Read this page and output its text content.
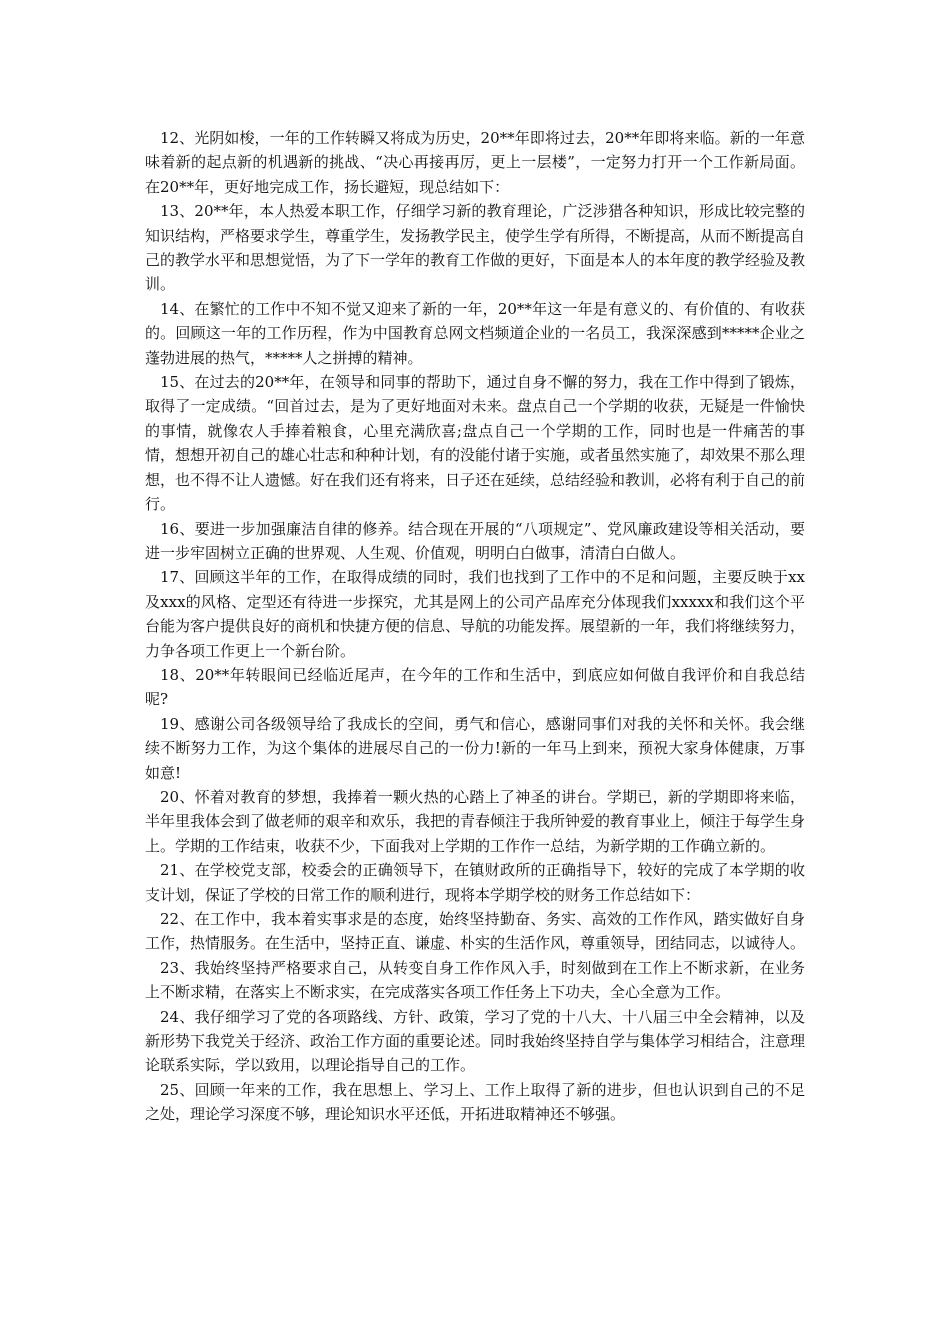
12、光阴如梭，一年的工作转瞬又将成为历史，20**年即将过去，20**年即将来临。新的一年意味着新的起点新的机遇新的挑战、“决心再接再厉，更上一层楼”，一定努力打开一个工作新局面。在20**年，更好地完成工作，扬长避短，现总结如下：

13、20**年，本人热爱本职工作，仔细学习新的教育理论，广泛涉猎各种知识，形成比较完整的知识结构，严格要求学生，尊重学生，发扬教学民主，使学生学有所得，不断提高，从而不断提高自己的教学水平和思想觉悟，为了下一学年的教育工作做的更好，下面是本人的本年度的教学经验及教训。

14、在繁忙的工作中不知不觉又迎来了新的一年，20**年这一年是有意义的、有价值的、有收获的。回顾这一年的工作历程，作为中国教育总网文档频道企业的一名员工，我深深感到*****企业之蓬勃进展的热气，*****人之拼搏的精神。

15、在过去的20**年，在领导和同事的帮助下，通过自身不懈的努力，我在工作中得到了锻炼，取得了一定成绩。“回首过去，是为了更好地面对未来。盘点自己一个学期的收获，无疑是一件愉快的事情，就像农人手捧着粮食，心里充满欣喜;盘点自己一个学期的工作，同时也是一件痛苦的事情，想想开初自己的雄心壮志和种种计划，有的没能付诸于实施，或者虽然实施了，却效果不那么理想，也不得不让人遗憾。好在我们还有将来，日子还在延续，总结经验和教训，必将有利于自己的前行。

16、要进一步加强廉洁自律的修养。结合现在开展的“八项规定”、党风廉政建设等相关活动，要进一步牢固树立正确的世界观、人生观、价值观，明明白白做事，清清白白做人。

17、回顾这半年的工作，在取得成绩的同时，我们也找到了工作中的不足和问题，主要反映于xx及xxx的风格、定型还有待进一步探究，尤其是网上的公司产品库充分体现我们xxxxx和我们这个平台能为客户提供良好的商机和快捷方便的信息、导航的功能发挥。展望新的一年，我们将继续努力，力争各项工作更上一个新台阶。

18、20**年转眼间已经临近尾声，在今年的工作和生活中，到底应如何做自我评价和自我总结呢?

19、感谢公司各级领导给了我成长的空间，勇气和信心，感谢同事们对我的关怀和关怀。我会继续不断努力工作，为这个集体的进展尽自己的一份力!新的一年马上到来，预祝大家身体健康，万事如意!

20、怀着对教育的梦想，我捧着一颗火热的心踏上了神圣的讲台。学期已，新的学期即将来临，半年里我体会到了做老师的艰辛和欢乐，我把的青春倾注于我所钟爱的教育事业上，倾注于每学生身上。学期的工作结束，收获不少，下面我对上学期的工作作一总结，为新学期的工作确立新的。

21、在学校党支部，校委会的正确领导下，在镇财政所的正确指导下，较好的完成了本学期的收支计划，保证了学校的日常工作的顺利进行，现将本学期学校的财务工作总结如下：

22、在工作中，我本着实事求是的态度，始终坚持勤奋、务实、高效的工作作风，踏实做好自身工作，热情服务。在生活中，坚持正直、谦虚、朴实的生活作风，尊重领导，团结同志，以诚待人。

23、我始终坚持严格要求自己，从转变自身工作作风入手，时刻做到在工作上不断求新，在业务上不断求精，在落实上不断求实，在完成落实各项工作任务上下功夫，全心全意为工作。

24、我仔细学习了党的各项路线、方针、政策，学习了党的十八大、十八届三中全会精神，以及新形势下我党关于经济、政治工作方面的重要论述。同时我始终坚持自学与集体学习相结合，注意理论联系实际，学以致用，以理论指导自己的工作。

25、回顾一年来的工作，我在思想上、学习上、工作上取得了新的进步，但也认识到自己的不足之处，理论学习深度不够，理论知识水平还低，开拓进取精神还不够强。
